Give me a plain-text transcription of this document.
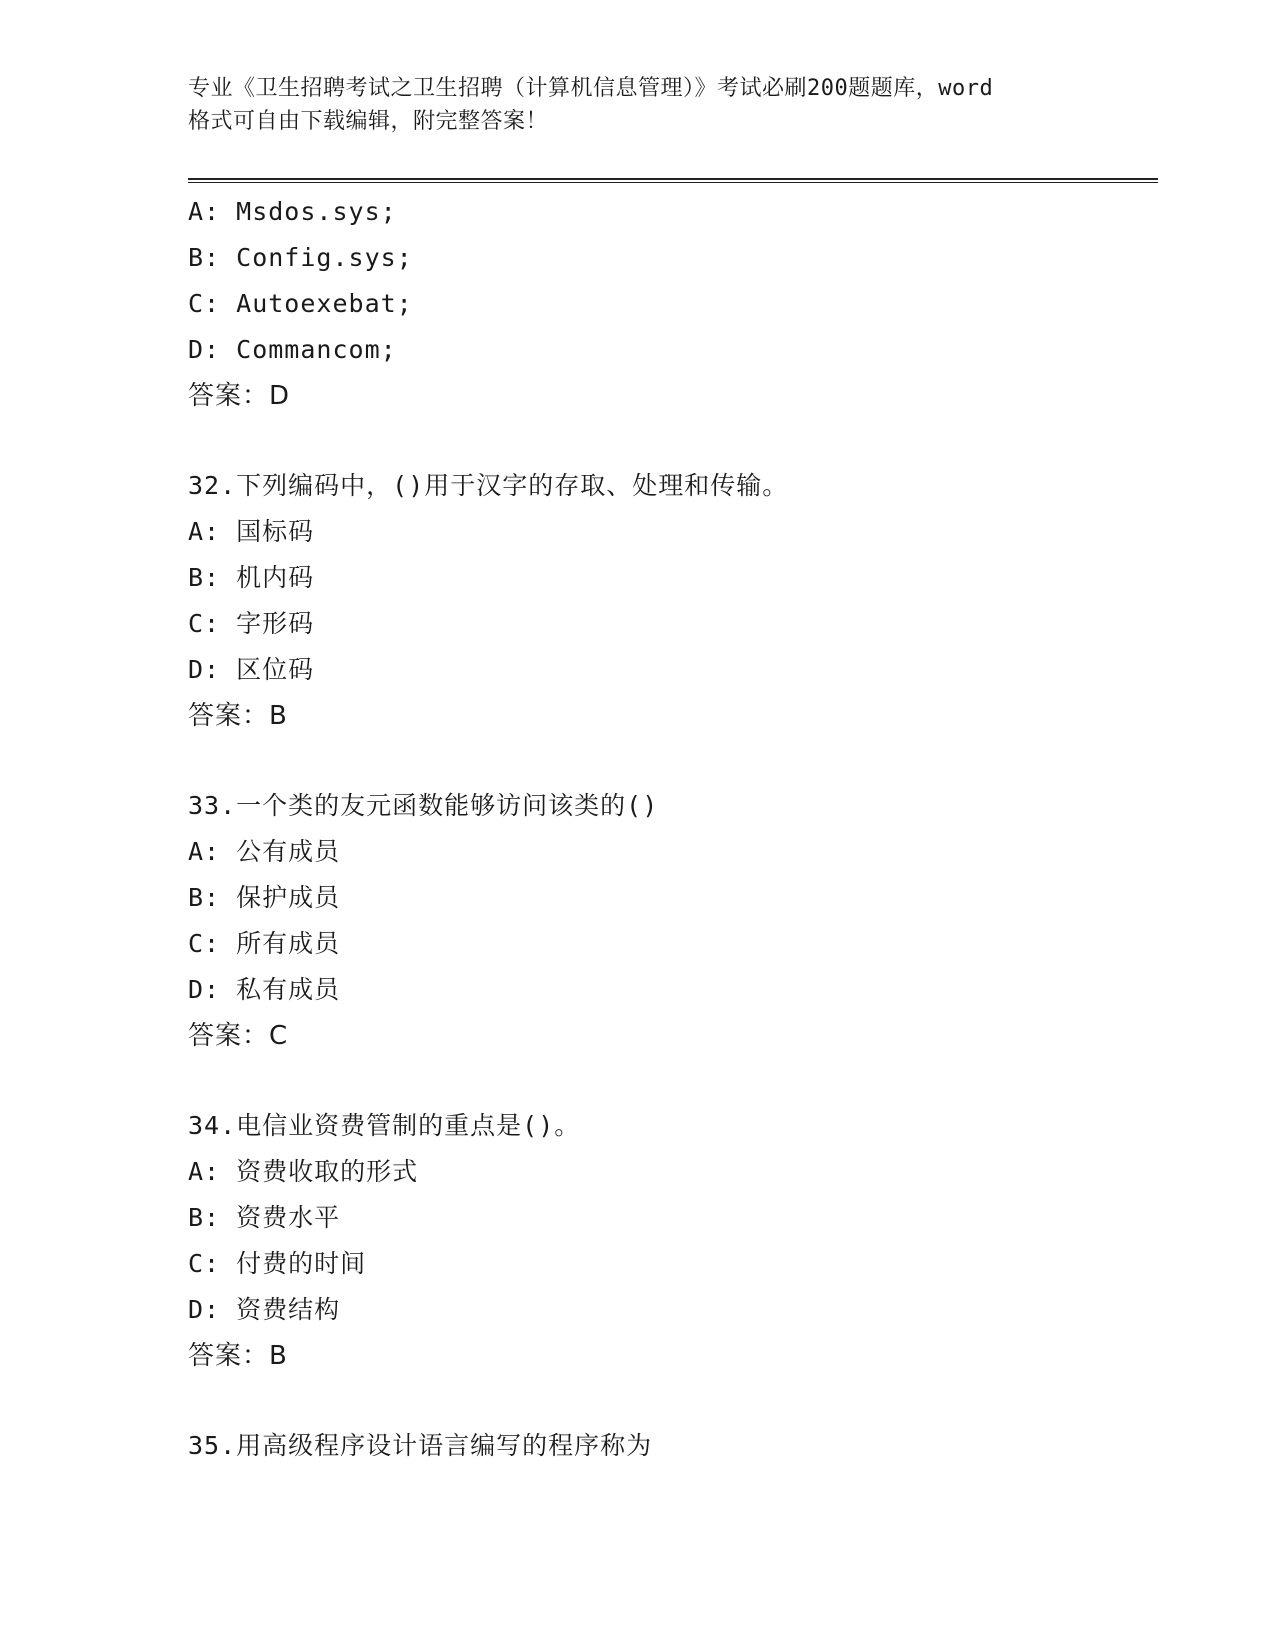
专业《卫生招聘考试之卫生招聘（计算机信息管理）》考试必刷200题题库，word
格式可自由下载编辑，附完整答案！
A: Msdos.sys;
B: Config.sys;
C: Autoexebat;
D: Commancom;
答案：D
32.下列编码中，()用于汉字的存取、处理和传输。
A: 国标码
B: 机内码
C: 字形码
D: 区位码
答案：B
33.一个类的友元函数能够访问该类的()
A: 公有成员
B: 保护成员
C: 所有成员
D: 私有成员
答案：C
34.电信业资费管制的重点是()。
A: 资费收取的形式
B: 资费水平
C: 付费的时间
D: 资费结构
答案：B
35.用高级程序设计语言编写的程序称为
